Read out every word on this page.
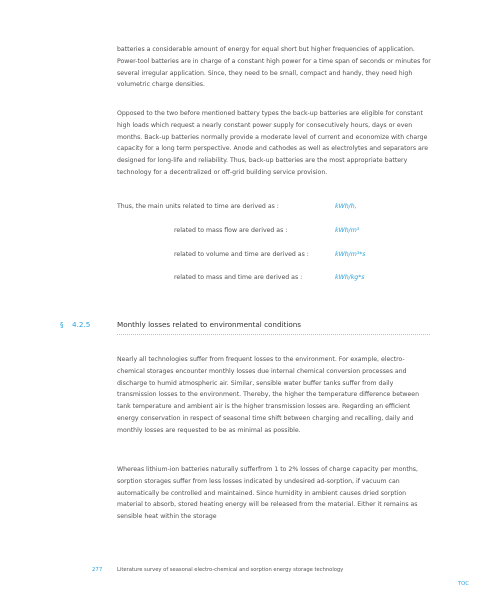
batteries a considerable amount of energy for equal short but higher frequencies of application. Power-tool batteries are in charge of a constant high power for a time span of seconds or minutes for several irregular application. Since, they need to be small, compact and handy, they need high volumetric charge densities.

Opposed to the two before mentioned battery types the back-up batteries are eligible for constant high loads which request a nearly constant power supply for consecutively hours, days or even months. Back-up batteries normally provide a moderate level of current and economize with charge capacity for a long term perspective. Anode and cathodes as well as electrolytes and separators are designed for long-life and reliability. Thus, back-up batteries are the most appropriate battery technology for a decentralized or off-grid building service provision.

Thus, the main units related to time are derived as :	kWh/h,
related to mass flow are derived as :	kWh/m³
related to volume and time are derived as :	kWh/m³*s
related to mass and time are derived as :	kWh/kg*s
§ 4.2.5	Monthly losses related to environmental conditions

Nearly all technologies suffer from frequent losses to the environment. For example, electro-chemical storages encounter monthly losses due internal chemical conversion processes and discharge to humid atmospheric air. Similar, sensible water buffer tanks suffer from daily transmission losses to the environment. Thereby, the higher the temperature difference between tank temperature and ambient air is the higher transmission losses are. Regarding an efficient energy conservation in respect of seasonal time shift between charging and recalling, daily and monthly losses are requested to be as minimal as possible.

Whereas lithium-ion batteries naturally sufferfrom 1 to 2% losses of charge capacity per months, sorption storages suffer from less losses indicated by undesired ad-sorption, if vacuum can automatically be controlled and maintained. Since humidity in ambient causes dried sorption material to absorb, stored heating energy will be released from the material. Either it remains as sensible heat within the storage

277	Literature survey of seasonal electro-chemical and sorption energy storage technology
TOC
